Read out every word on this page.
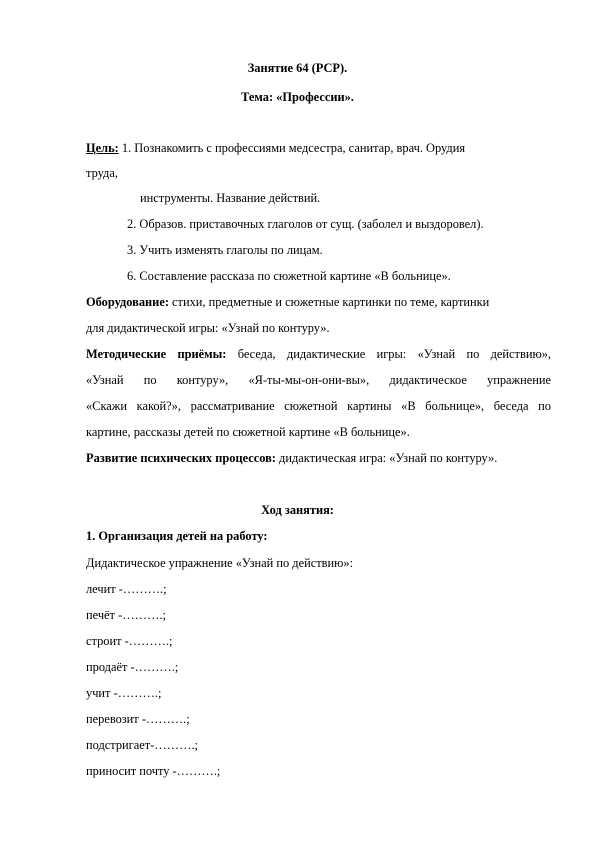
Занятие 64 (РСР).
Тема: «Профессии».
Цель: 1. Познакомить с профессиями медсестра, санитар, врач. Орудия
труда,
инструменты. Название действий.
2. Образов. приставочных глаголов от сущ. (заболел и выздоровел).
3. Учить изменять глаголы по лицам.
6. Составление рассказа по сюжетной картине «В больнице».
Оборудование: стихи, предметные и сюжетные картинки по теме, картинки
для дидактической игры: «Узнай по контуру».
Методические приёмы: беседа, дидактические игры: «Узнай по действию»,
«Узнай по контуру», «Я-ты-мы-он-они-вы», дидактическое упражнение
«Скажи какой?», рассматривание сюжетной картины «В больнице», беседа по
картине, рассказы детей по сюжетной картине «В больнице».
Развитие психических процессов: дидактическая игра: «Узнай по контуру».
Ход занятия:
1. Организация детей на работу:
Дидактическое упражнение «Узнай по действию»:
лечит -……….;
печёт -……….;
строит -……….;
продаёт -……….;
учит -……….;
перевозит -……….;
подстригает-……….;
приносит почту -……….;
